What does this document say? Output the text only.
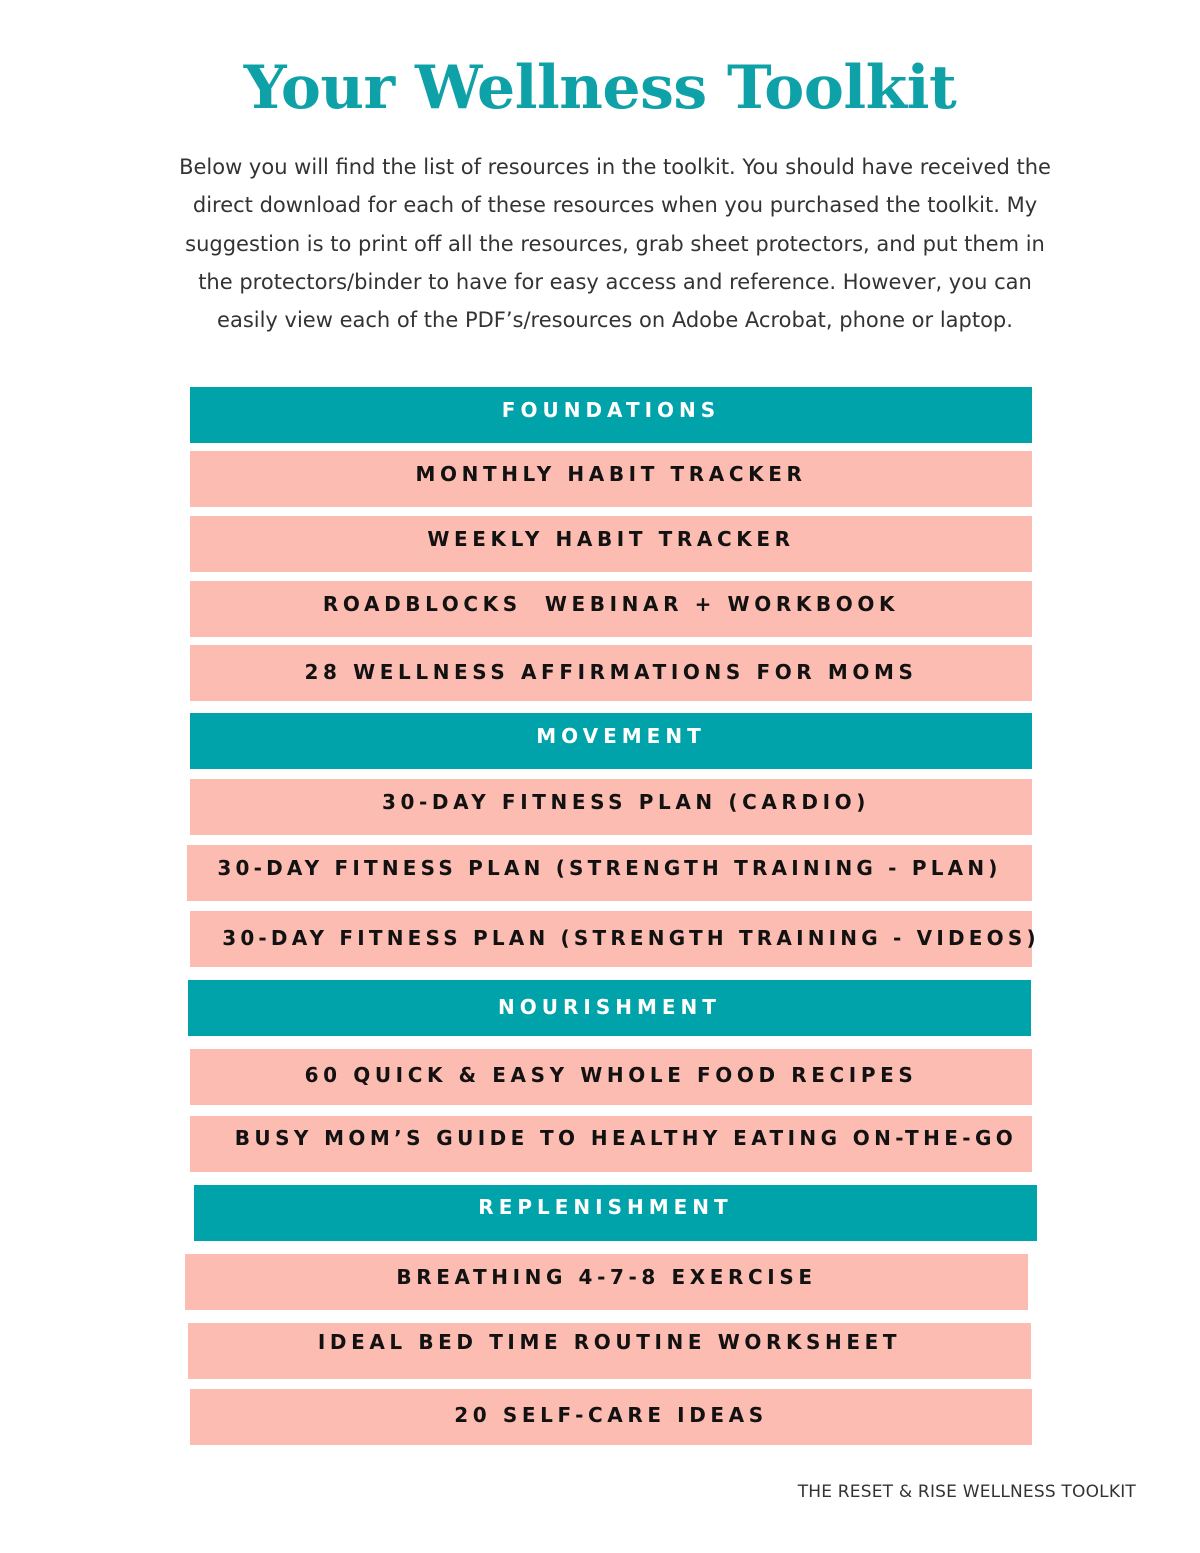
Your Wellness Toolkit

Below you will find the list of resources in the toolkit. You should have received the direct download for each of these resources when you purchased the toolkit. My suggestion is to print off all the resources, grab sheet protectors, and put them in the protectors/binder to have for easy access and reference. However, you can easily view each of the PDF’s/resources on Adobe Acrobat, phone or laptop.

FOUNDATIONS
MONTHLY HABIT TRACKER
WEEKLY HABIT TRACKER
ROADBLOCKS  WEBINAR + WORKBOOK
28 WELLNESS AFFIRMATIONS FOR MOMS
MOVEMENT
30-DAY FITNESS PLAN (CARDIO)
30-DAY FITNESS PLAN (STRENGTH TRAINING - PLAN)
30-DAY FITNESS PLAN (STRENGTH TRAINING - VIDEOS)
NOURISHMENT
60 QUICK & EASY WHOLE FOOD RECIPES
BUSY MOM’S GUIDE TO HEALTHY EATING ON-THE-GO
REPLENISHMENT
BREATHING 4-7-8 EXERCISE
IDEAL BED TIME ROUTINE WORKSHEET
20 SELF-CARE IDEAS

THE RESET & RISE WELLNESS TOOLKIT
